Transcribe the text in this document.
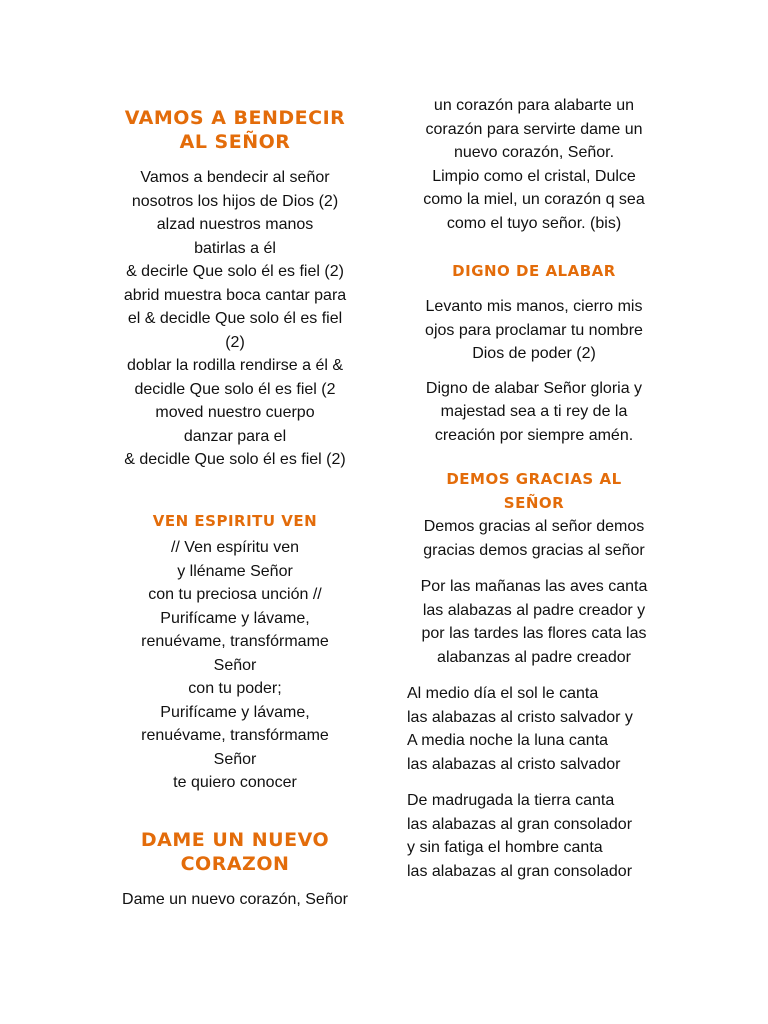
VAMOS A BENDECIR
AL SEÑOR
Vamos a bendecir al señor
nosotros los hijos de Dios (2)
alzad nuestros manos
batirlas a él
& decirle Que solo él es fiel (2)
abrid muestra boca cantar para
el & decidle Que solo él es fiel
(2)
doblar la rodilla rendirse a él &
decidle Que solo él es fiel (2
moved nuestro cuerpo
danzar para el
& decidle Que solo él es fiel (2)
VEN ESPIRITU VEN
// Ven espíritu ven
y lléname Señor
con tu preciosa unción //
Purifícame y lávame,
renuévame, transfórmame
Señor
con tu poder;
Purifícame y lávame,
renuévame, transfórmame
Señor
te quiero conocer
DAME UN NUEVO
CORAZON
Dame un nuevo corazón, Señor
un corazón para alabarte un
corazón para servirte dame un
nuevo corazón, Señor.
Limpio como el cristal, Dulce
como la miel, un corazón q sea
como el tuyo señor. (bis)
DIGNO DE ALABAR
Levanto mis manos, cierro mis
ojos para proclamar tu nombre
Dios de poder (2)
Digno de alabar Señor gloria y
majestad sea a ti rey de la
creación por siempre amén.
DEMOS GRACIAS AL
SEÑOR
Demos gracias al señor demos
gracias demos gracias al señor
Por las mañanas las aves canta
las alabazas al padre creador y
por las tardes las flores cata las
alabanzas al padre creador
Al medio día el sol le canta
las alabazas al cristo salvador y
A media noche la luna canta
las alabazas al cristo salvador
De madrugada la tierra canta
las alabazas al gran consolador
y sin fatiga el hombre canta
las alabazas al gran consolador
